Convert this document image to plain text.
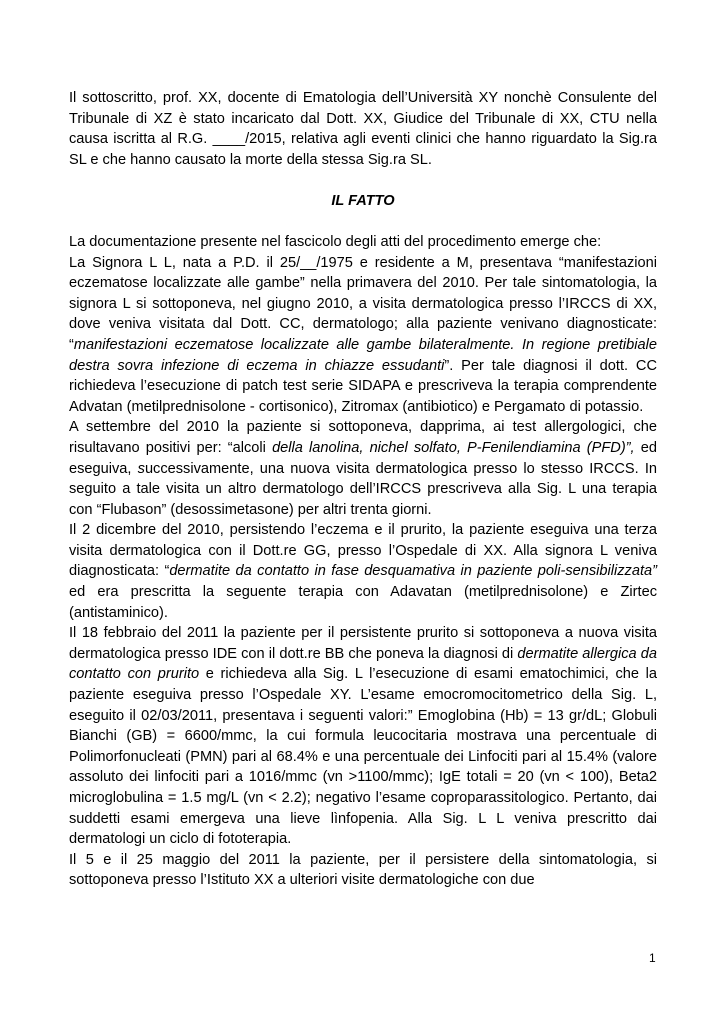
Il sottoscritto, prof. XX, docente di Ematologia dell’Università XY nonchè Consulente del Tribunale di XZ è stato incaricato dal Dott. XX, Giudice del Tribunale di XX, CTU nella causa iscritta al R.G. ____/2015, relativa agli eventi clinici che hanno riguardato la Sig.ra SL e che hanno causato la morte della stessa Sig.ra SL.

IL FATTO

La documentazione presente nel fascicolo degli atti del procedimento emerge che:

La Signora L L, nata a P.D. il 25/__/1975 e residente a M, presentava “manifestazioni eczematose localizzate alle gambe” nella primavera del 2010. Per tale sintomatologia, la signora L si sottoponeva, nel giugno 2010, a visita dermatologica presso l’IRCCS di XX, dove veniva visitata dal Dott. CC, dermatologo; alla paziente venivano diagnosticate: “manifestazioni eczematose localizzate alle gambe bilateralmente. In regione pretibiale destra sovra infezione di eczema in chiazze essudanti”. Per tale diagnosi il dott. CC richiedeva l’esecuzione di patch test serie SIDAPA e prescriveva la terapia comprendente Advatan (metilprednisolone - cortisonico), Zitromax (antibiotico) e Pergamato di potassio.

A settembre del 2010 la paziente si sottoponeva, dapprima, ai test allergologici, che risultavano positivi per: “alcoli della lanolina, nichel solfato, P-Fenilendiamina (PFD)”, ed eseguiva, successivamente, una nuova visita dermatologica presso lo stesso IRCCS. In seguito a tale visita un altro dermatologo dell’IRCCS prescriveva alla Sig. L una terapia con “Flubason” (desossimetasone) per altri trenta giorni.

Il 2 dicembre del 2010, persistendo l’eczema e il prurito, la paziente eseguiva una terza visita dermatologica con il Dott.re GG, presso l’Ospedale di XX. Alla signora L veniva diagnosticata: “dermatite da contatto in fase desquamativa in paziente poli-sensibilizzata” ed era prescritta la seguente terapia con Adavatan (metilprednisolone) e Zirtec (antistaminico).

Il 18 febbraio del 2011 la paziente per il persistente prurito si sottoponeva a nuova visita dermatologica presso IDE con il dott.re BB che poneva la diagnosi di dermatite allergica da contatto con prurito e richiedeva alla Sig. L l’esecuzione di esami ematochimici, che la paziente eseguiva presso l’Ospedale XY. L’esame emocromocitometrico della Sig. L, eseguito il 02/03/2011, presentava i seguenti valori:” Emoglobina (Hb) = 13 gr/dL; Globuli Bianchi (GB) = 6600/mmc, la cui formula leucocitaria mostrava una percentuale di Polimorfonucleati (PMN) pari al 68.4% e una percentuale dei Linfociti pari al 15.4% (valore assoluto dei linfociti pari a 1016/mmc (vn >1100/mmc); IgE totali = 20 (vn < 100), Beta2 microglobulina = 1.5 mg/L (vn < 2.2); negativo l’esame coproparassitologico. Pertanto, dai suddetti esami emergeva una lieve lìnfopenia. Alla Sig. L L veniva prescritto dai dermatologi un ciclo di fototerapia.

Il 5 e il 25 maggio del 2011 la paziente, per il persistere della sintomatologia, si sottoponeva presso l’Istituto XX a ulteriori visite dermatologiche con due

1
